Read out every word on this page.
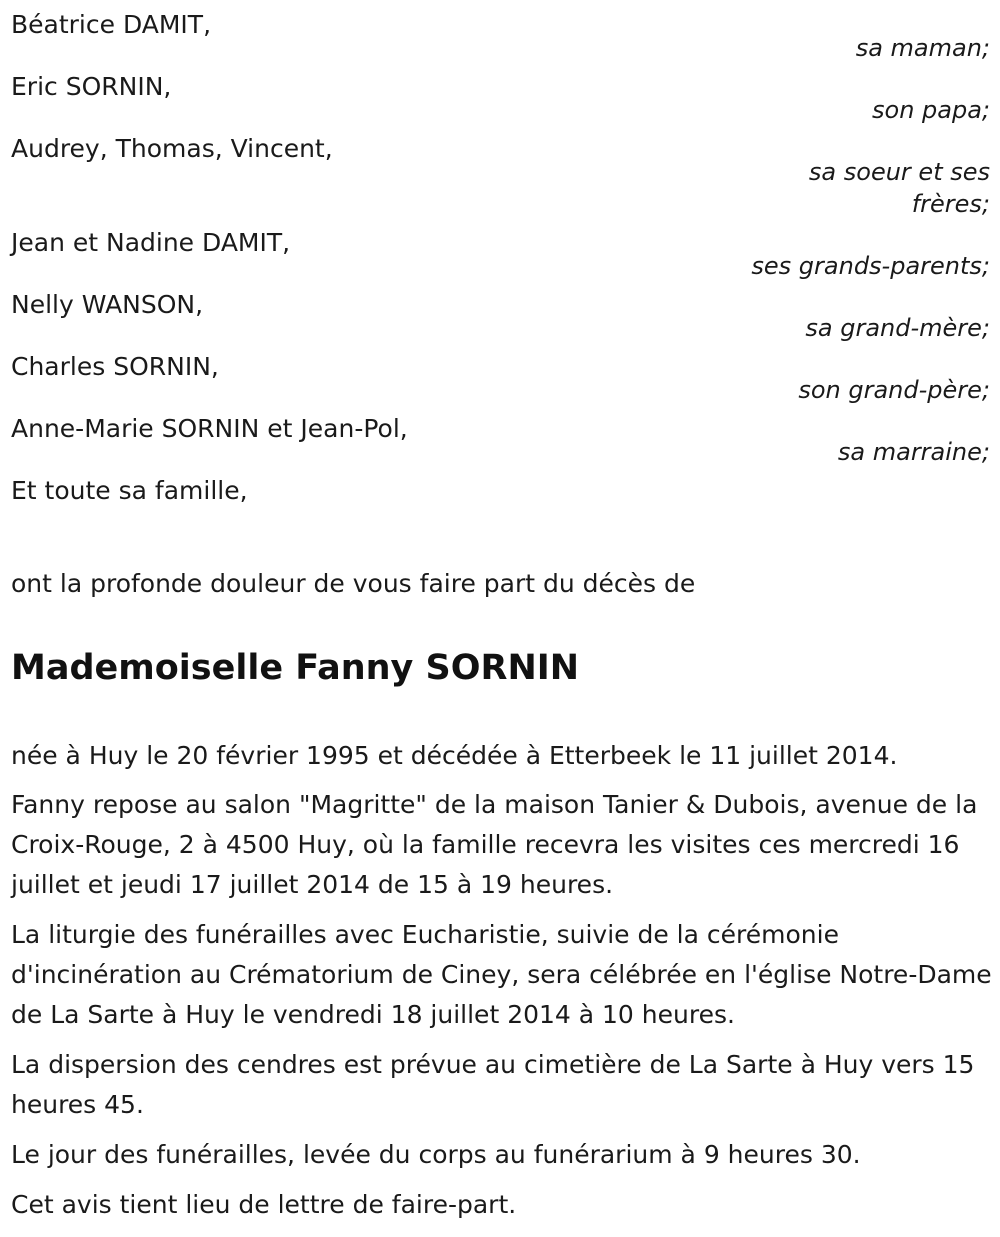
Béatrice DAMIT,

sa maman;

Eric SORNIN,

son papa;

Audrey, Thomas, Vincent,

sa soeur et ses frères;

Jean et Nadine DAMIT,

ses grands-parents;

Nelly WANSON,

sa grand-mère;

Charles SORNIN,

son grand-père;

Anne-Marie SORNIN et Jean-Pol,

sa marraine;

Et toute sa famille,

ont la profonde douleur de vous faire part du décès de

Mademoiselle Fanny SORNIN

née à Huy le 20 février 1995 et décédée à Etterbeek le 11 juillet 2014.

Fanny repose au salon "Magritte" de la maison Tanier & Dubois, avenue de la Croix-Rouge, 2 à 4500 Huy, où la famille recevra les visites ces mercredi 16 juillet et jeudi 17 juillet 2014 de 15 à 19 heures.

La liturgie des funérailles avec Eucharistie, suivie de la cérémonie d'incinération au Crématorium de Ciney, sera célébrée en l'église Notre-Dame de La Sarte à Huy le vendredi 18 juillet 2014 à 10 heures.

La dispersion des cendres est prévue au cimetière de La Sarte à Huy vers 15 heures 45.

Le jour des funérailles, levée du corps au funérarium à 9 heures 30.

Cet avis tient lieu de lettre de faire-part.
